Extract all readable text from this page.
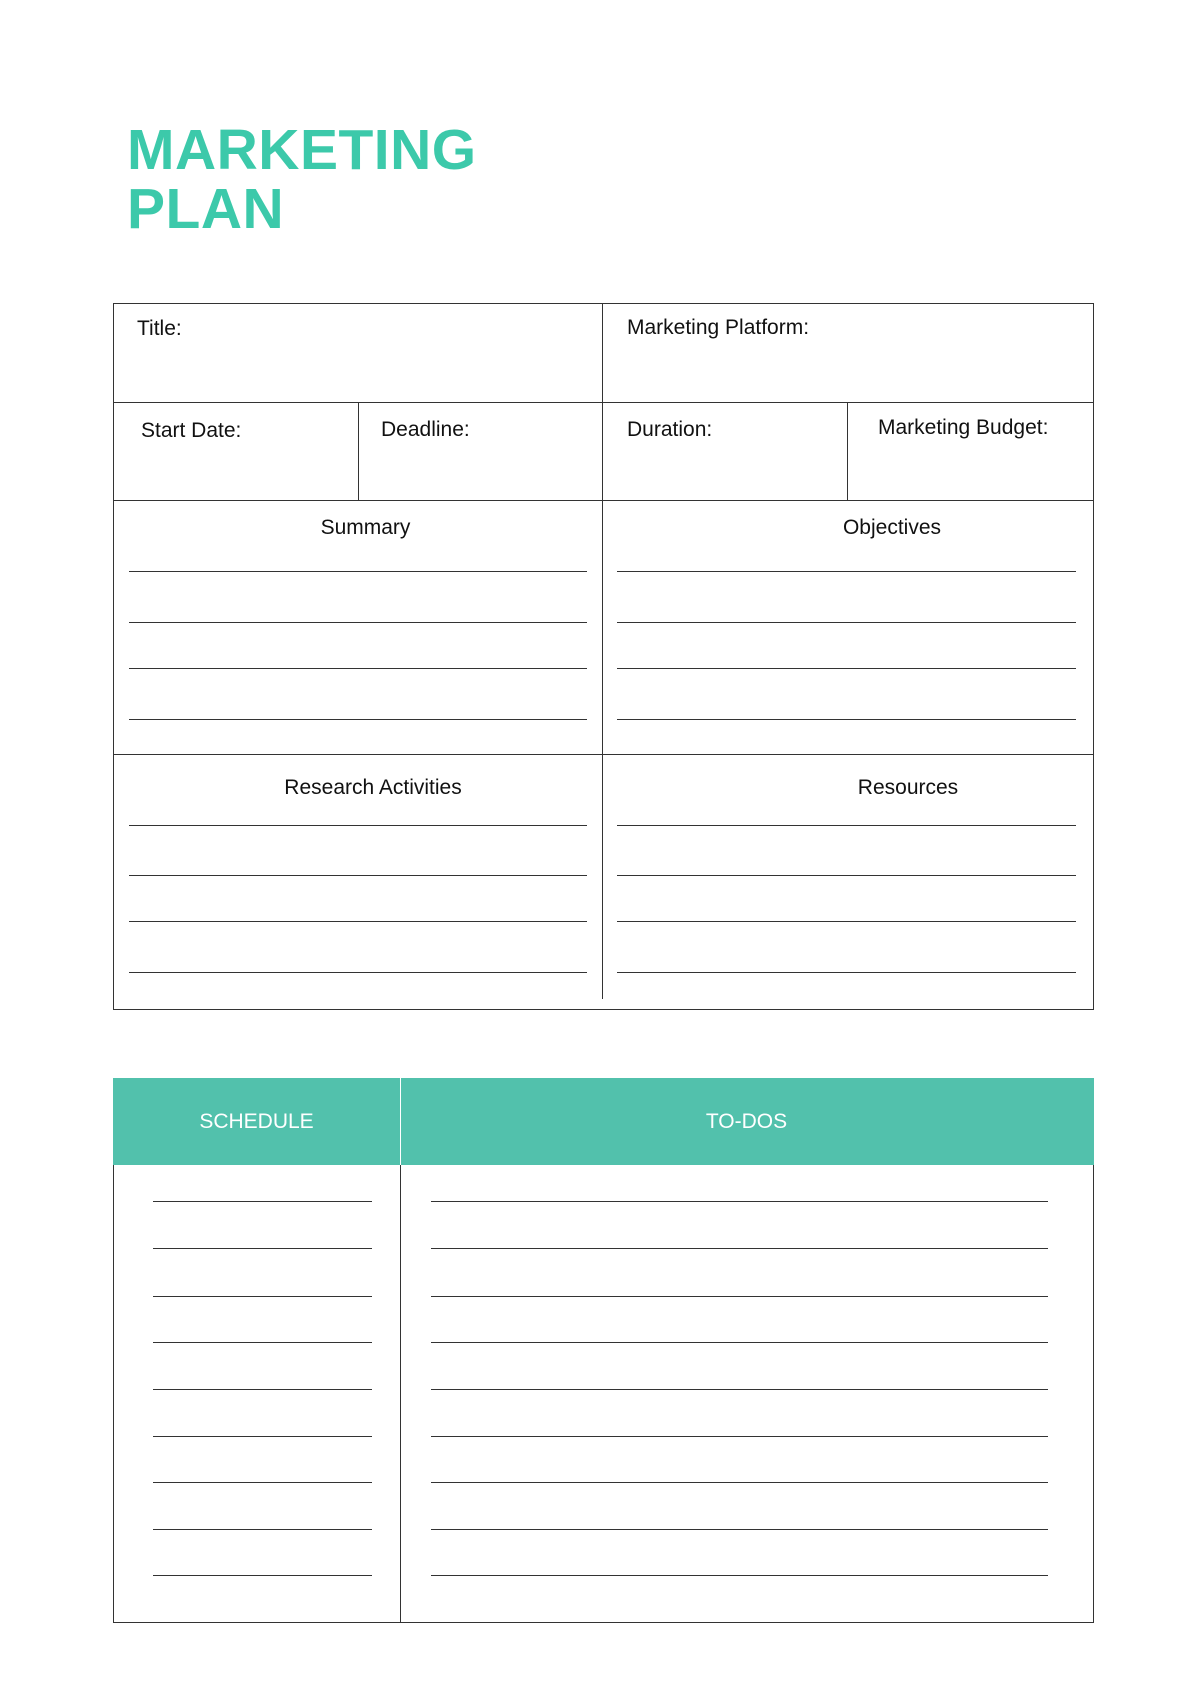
MARKETING
PLAN
Title:	Marketing Platform:
Start Date:	Deadline:	Duration:	Marketing Budget:
Summary	Objectives
Research Activities	Resources
SCHEDULE	TO-DOS
